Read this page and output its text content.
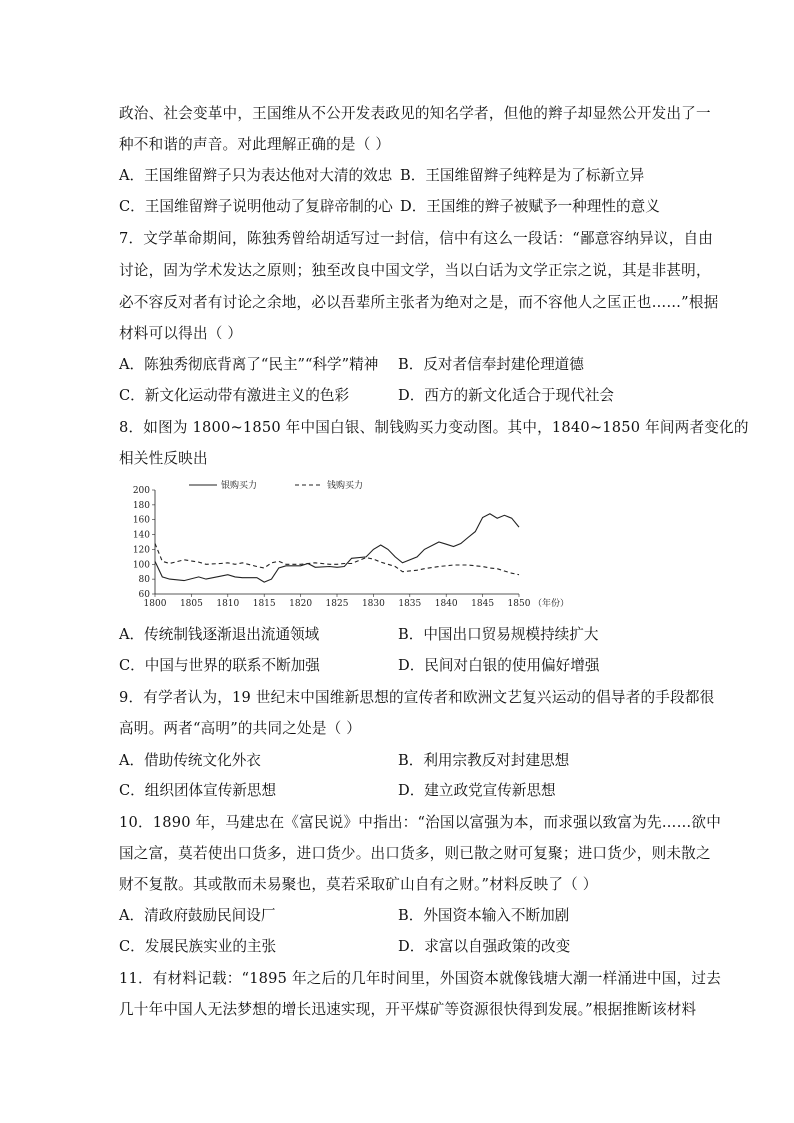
政治、社会变革中，王国维从不公开发表政见的知名学者，但他的辫子却显然公开发出了一
种不和谐的声音。对此理解正确的是（ ）
A．王国维留辫子只为表达他对大清的效忠 B．王国维留辫子纯粹是为了标新立异
C．王国维留辫子说明他动了复辟帝制的心 D．王国维的辫子被赋予一种理性的意义
7．文学革命期间，陈独秀曾给胡适写过一封信，信中有这么一段话：“鄙意容纳异议，自由
讨论，固为学术发达之原则；独至改良中国文学，当以白话为文学正宗之说，其是非甚明，
必不容反对者有讨论之余地，必以吾辈所主张者为绝对之是，而不容他人之匡正也……”根据
材料可以得出（ ）
A．陈独秀彻底背离了“民主”“科学”精神 B．反对者信奉封建伦理道德
C．新文化运动带有激进主义的色彩	D．西方的新文化适合于现代社会
8．如图为 1800~1850 年中国白银、制钱购买力变动图。其中，1840~1850 年间两者变化的
相关性反映出
60
80
100
120
140
160
180
200
1800 1805 1810 1815 1820 1825 1830 1835 1840 1845 1850 （年份）
银购买力	钱购买力
A．传统制钱逐渐退出流通领域	B．中国出口贸易规模持续扩大
C．中国与世界的联系不断加强	D．民间对白银的使用偏好增强
9．有学者认为，19 世纪末中国维新思想的宣传者和欧洲文艺复兴运动的倡导者的手段都很
高明。两者“高明”的共同之处是（ ）
A．借助传统文化外衣	B．利用宗教反对封建思想
C．组织团体宣传新思想	D．建立政党宣传新思想
10．1890 年，马建忠在《富民说》中指出：“治国以富强为本，而求强以致富为先……欲中
国之富，莫若使出口货多，进口货少。出口货多，则已散之财可复聚；进口货少，则未散之
财不复散。其或散而未易聚也，莫若采取矿山自有之财。”材料反映了（ ）
A．清政府鼓励民间设厂	B．外国资本输入不断加剧
C．发展民族实业的主张	D．求富以自强政策的改变
11．有材料记载：“1895 年之后的几年时间里，外国资本就像钱塘大潮一样涌进中国，过去
几十年中国人无法梦想的增长迅速实现，开平煤矿等资源很快得到发展。”根据推断该材料
